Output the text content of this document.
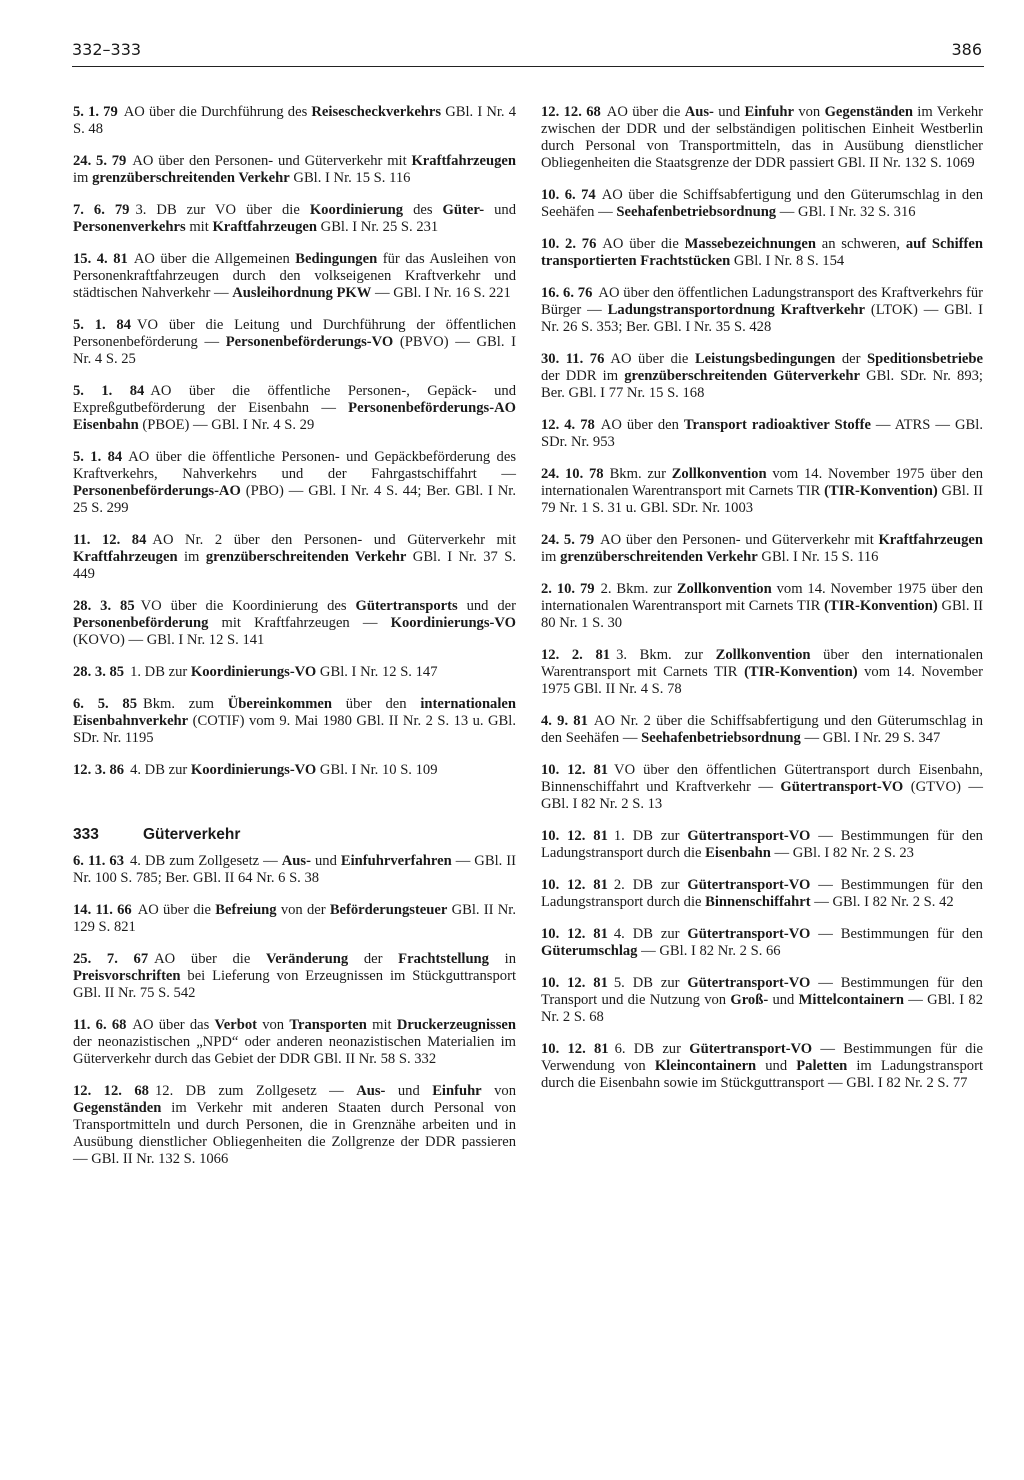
332–333	386

5. 1. 79 AO über die Durchführung des Reisescheckverkehrs GBl. I Nr. 4 S. 48

24. 5. 79 AO über den Personen- und Güterverkehr mit Kraftfahrzeugen im grenzüberschreitenden Verkehr GBl. I Nr. 15 S. 116

7. 6. 79 3. DB zur VO über die Koordinierung des Güter- und Personenverkehrs mit Kraftfahrzeugen GBl. I Nr. 25 S. 231

15. 4. 81 AO über die Allgemeinen Bedingungen für das Ausleihen von Personenkraftfahrzeugen durch den volkseigenen Kraftverkehr und städtischen Nahverkehr — Ausleihordnung PKW — GBl. I Nr. 16 S. 221

5. 1. 84 VO über die Leitung und Durchführung der öffentlichen Personenbeförderung — Personenbeförderungs-VO (PBVO) — GBl. I Nr. 4 S. 25

5. 1. 84 AO über die öffentliche Personen-, Gepäck- und Expreßgutbeförderung der Eisenbahn — Personenbeförderungs-AO Eisenbahn (PBOE) — GBl. I Nr. 4 S. 29

5. 1. 84 AO über die öffentliche Personen- und Gepäckbeförderung des Kraftverkehrs, Nahverkehrs und der Fahrgastschiffahrt — Personenbeförderungs-AO (PBO) — GBl. I Nr. 4 S. 44; Ber. GBl. I Nr. 25 S. 299

11. 12. 84 AO Nr. 2 über den Personen- und Güterverkehr mit Kraftfahrzeugen im grenzüberschreitenden Verkehr GBl. I Nr. 37 S. 449

28. 3. 85 VO über die Koordinierung des Gütertransports und der Personenbeförderung mit Kraftfahrzeugen — Koordinierungs-VO (KOVO) — GBl. I Nr. 12 S. 141

28. 3. 85 1. DB zur Koordinierungs-VO GBl. I Nr. 12 S. 147

6. 5. 85 Bkm. zum Übereinkommen über den internationalen Eisenbahnverkehr (COTIF) vom 9. Mai 1980 GBl. II Nr. 2 S. 13 u. GBl. SDr. Nr. 1195

12. 3. 86 4. DB zur Koordinierungs-VO GBl. I Nr. 10 S. 109

333	Güterverkehr

6. 11. 63 4. DB zum Zollgesetz — Aus- und Einfuhrverfahren — GBl. II Nr. 100 S. 785; Ber. GBl. II 64 Nr. 6 S. 38

14. 11. 66 AO über die Befreiung von der Beförderungsteuer GBl. II Nr. 129 S. 821

25. 7. 67 AO über die Veränderung der Frachtstellung in Preisvorschriften bei Lieferung von Erzeugnissen im Stückguttransport GBl. II Nr. 75 S. 542

11. 6. 68 AO über das Verbot von Transporten mit Druckerzeugnissen der neonazistischen „NPD“ oder anderen neonazistischen Materialien im Güterverkehr durch das Gebiet der DDR GBl. II Nr. 58 S. 332

12. 12. 68 12. DB zum Zollgesetz — Aus- und Einfuhr von Gegenständen im Verkehr mit anderen Staaten durch Personal von Transportmitteln und durch Personen, die in Grenznähe arbeiten und in Ausübung dienstlicher Obliegenheiten die Zollgrenze der DDR passieren — GBl. II Nr. 132 S. 1066

12. 12. 68 AO über die Aus- und Einfuhr von Gegenständen im Verkehr zwischen der DDR und der selbständigen politischen Einheit Westberlin durch Personal von Transportmitteln, das in Ausübung dienstlicher Obliegenheiten die Staatsgrenze der DDR passiert GBl. II Nr. 132 S. 1069

10. 6. 74 AO über die Schiffsabfertigung und den Güterumschlag in den Seehäfen — Seehafenbetriebsordnung — GBl. I Nr. 32 S. 316

10. 2. 76 AO über die Massebezeichnungen an schweren, auf Schiffen transportierten Frachtstücken GBl. I Nr. 8 S. 154

16. 6. 76 AO über den öffentlichen Ladungstransport des Kraftverkehrs für Bürger — Ladungstransportordnung Kraftverkehr (LTOK) — GBl. I Nr. 26 S. 353; Ber. GBl. I Nr. 35 S. 428

30. 11. 76 AO über die Leistungsbedingungen der Speditionsbetriebe der DDR im grenzüberschreitenden Güterverkehr GBl. SDr. Nr. 893; Ber. GBl. I 77 Nr. 15 S. 168

12. 4. 78 AO über den Transport radioaktiver Stoffe — ATRS — GBl. SDr. Nr. 953

24. 10. 78 Bkm. zur Zollkonvention vom 14. November 1975 über den internationalen Warentransport mit Carnets TIR (TIR-Konvention) GBl. II 79 Nr. 1 S. 31 u. GBl. SDr. Nr. 1003

24. 5. 79 AO über den Personen- und Güterverkehr mit Kraftfahrzeugen im grenzüberschreitenden Verkehr GBl. I Nr. 15 S. 116

2. 10. 79 2. Bkm. zur Zollkonvention vom 14. November 1975 über den internationalen Warentransport mit Carnets TIR (TIR-Konvention) GBl. II 80 Nr. 1 S. 30

12. 2. 81 3. Bkm. zur Zollkonvention über den internationalen Warentransport mit Carnets TIR (TIR-Konvention) vom 14. November 1975 GBl. II Nr. 4 S. 78

4. 9. 81 AO Nr. 2 über die Schiffsabfertigung und den Güterumschlag in den Seehäfen — Seehafenbetriebsordnung — GBl. I Nr. 29 S. 347

10. 12. 81 VO über den öffentlichen Gütertransport durch Eisenbahn, Binnenschiffahrt und Kraftverkehr — Gütertransport-VO (GTVO) — GBl. I 82 Nr. 2 S. 13

10. 12. 81 1. DB zur Gütertransport-VO — Bestimmungen für den Ladungstransport durch die Eisenbahn — GBl. I 82 Nr. 2 S. 23

10. 12. 81 2. DB zur Gütertransport-VO — Bestimmungen für den Ladungstransport durch die Binnenschiffahrt — GBl. I 82 Nr. 2 S. 42

10. 12. 81 4. DB zur Gütertransport-VO — Bestimmungen für den Güterumschlag — GBl. I 82 Nr. 2 S. 66

10. 12. 81 5. DB zur Gütertransport-VO — Bestimmungen für den Transport und die Nutzung von Groß- und Mittelcontainern — GBl. I 82 Nr. 2 S. 68

10. 12. 81 6. DB zur Gütertransport-VO — Bestimmungen für die Verwendung von Kleincontainern und Paletten im Ladungstransport durch die Eisenbahn sowie im Stückguttransport — GBl. I 82 Nr. 2 S. 77
